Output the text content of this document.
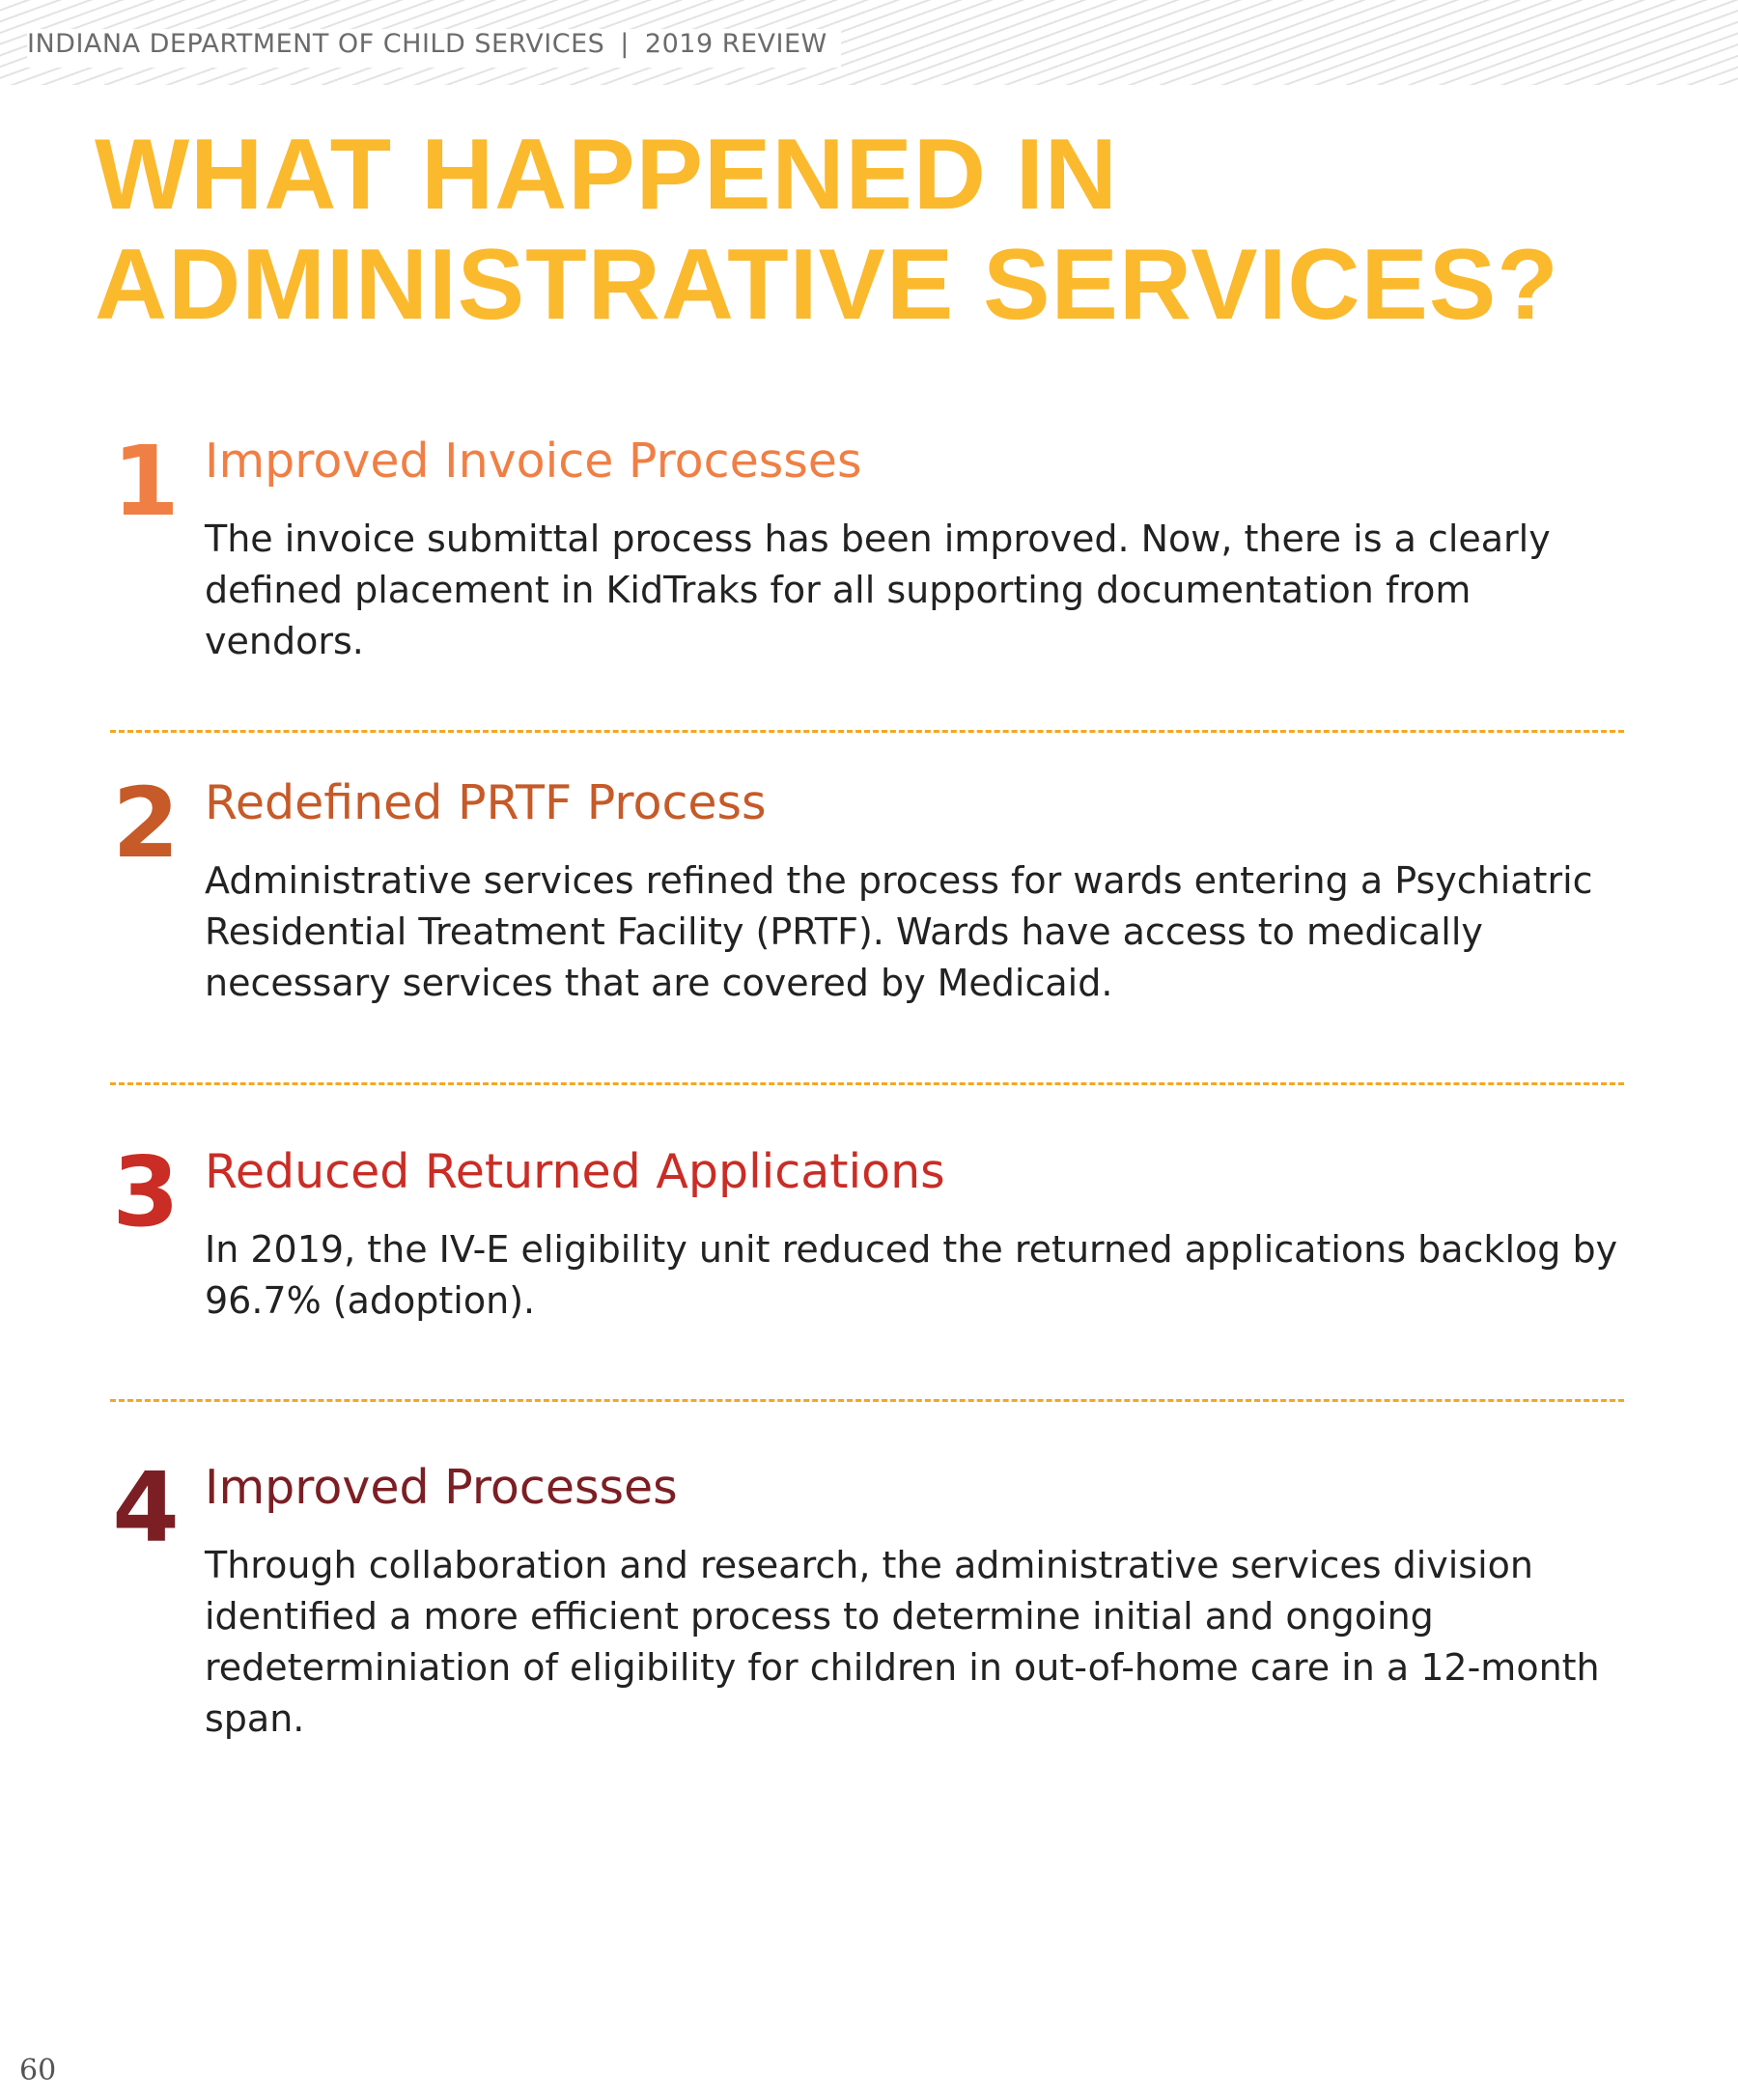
INDIANA DEPARTMENT OF CHILD SERVICES | 2019 REVIEW
WHAT HAPPENED IN
ADMINISTRATIVE SERVICES?
1 Improved Invoice Processes

The invoice submittal process has been improved. Now, there is a clearly defined placement in KidTraks for all supporting documentation from vendors.

2 Redefined PRTF Process

Administrative services refined the process for wards entering a Psychiatric Residential Treatment Facility (PRTF). Wards have access to medically necessary services that are covered by Medicaid.

3 Reduced Returned Applications

In 2019, the IV-E eligibility unit reduced the returned applications backlog by 96.7% (adoption).

4 Improved Processes

Through collaboration and research, the administrative services division identified a more efficient process to determine initial and ongoing redeterminiation of eligibility for children in out-of-home care in a 12-month span.

60
